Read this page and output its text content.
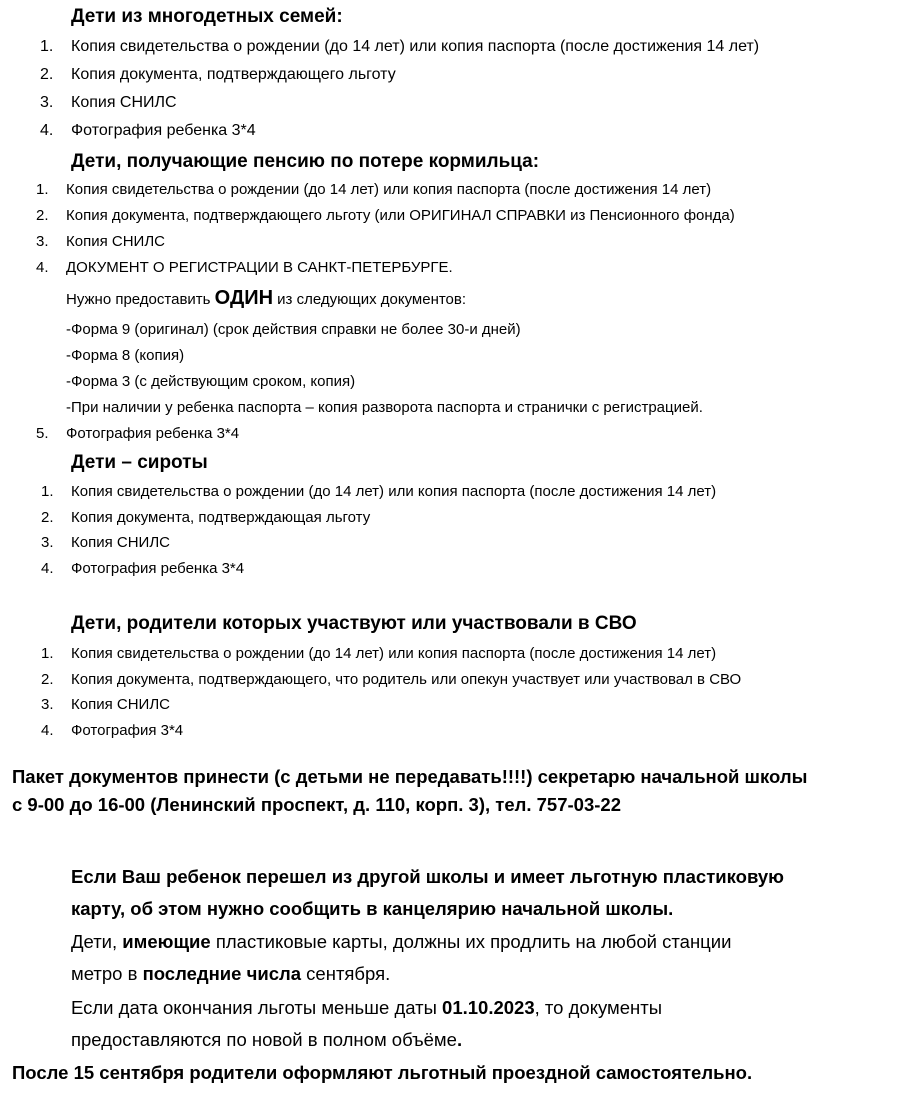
Дети из многодетных семей:
1. Копия свидетельства о рождении (до 14 лет) или копия паспорта (после достижения 14 лет)
2. Копия документа, подтверждающего льготу
3. Копия СНИЛС
4. Фотография ребенка 3*4
Дети, получающие пенсию по потере кормильца:
1. Копия свидетельства о рождении (до 14 лет) или копия паспорта (после достижения 14 лет)
2. Копия документа, подтверждающего льготу (или ОРИГИНАЛ СПРАВКИ из Пенсионного фонда)
3. Копия СНИЛС
4. ДОКУМЕНТ О РЕГИСТРАЦИИ В САНКТ-ПЕТЕРБУРГЕ.
Нужно предоставить ОДИН из следующих документов:
-Форма 9 (оригинал) (срок действия справки не более 30-и дней)
-Форма 8 (копия)
-Форма 3 (с действующим сроком, копия)
-При наличии у ребенка паспорта – копия разворота паспорта и странички с регистрацией.
5. Фотография ребенка 3*4
Дети – сироты
1. Копия свидетельства о рождении (до 14 лет) или копия паспорта (после достижения 14 лет)
2. Копия документа, подтверждающая льготу
3. Копия СНИЛС
4. Фотография ребенка 3*4
Дети, родители которых участвуют или участвовали в СВО
1. Копия свидетельства о рождении (до 14 лет) или копия паспорта (после достижения 14 лет)
2. Копия документа, подтверждающего, что родитель или опекун участвует или участвовал в СВО
3. Копия СНИЛС
4. Фотография 3*4
Пакет документов принести (с детьми не передавать!!!!) секретарю начальной школы
с 9-00 до 16-00 (Ленинский проспект, д. 110, корп. 3), тел. 757-03-22
Если Ваш ребенок перешел из другой школы и имеет льготную пластиковую
карту, об этом нужно сообщить в канцелярию начальной школы.
Дети, имеющие пластиковые карты, должны их продлить на любой станции
метро в последние числа сентября.
Если дата окончания льготы меньше даты 01.10.2023, то документы
предоставляются по новой в полном объёме.
После 15 сентября родители оформляют льготный проездной самостоятельно.
